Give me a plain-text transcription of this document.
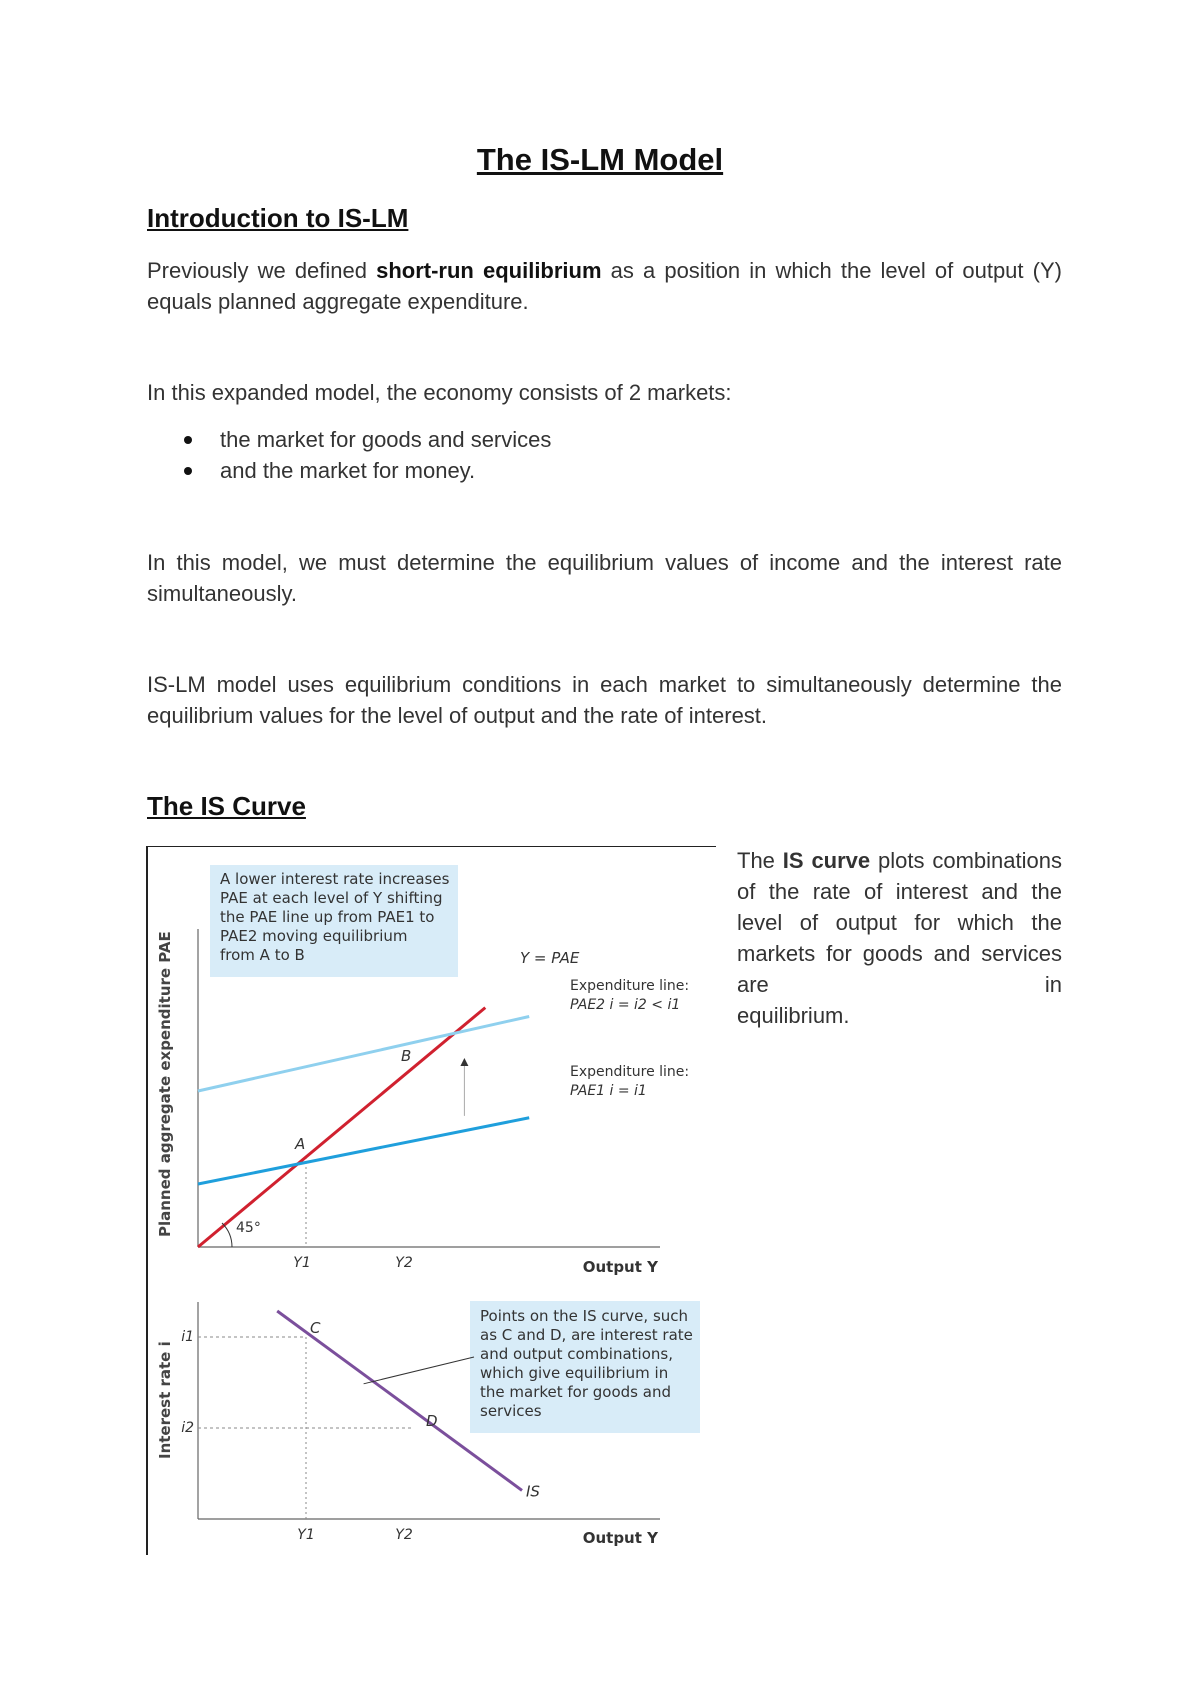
The IS-LM Model
Introduction to IS-LM
Previously we defined short-run equilibrium as a position in which the level of output (Y) equals planned aggregate expenditure.
In this expanded model, the economy consists of 2 markets:
the market for goods and services
and the market for money.
In this model, we must determine the equilibrium values of income and the interest rate simultaneously.
IS-LM model uses equilibrium conditions in each market to simultaneously determine the equilibrium values for the level of output and the rate of interest.
The IS Curve
The IS curve plots combinations of the rate of interest and the level of output for which the markets for goods and services are in
equilibrium.
A lower interest rate increases PAE at each level of Y shifting the PAE line up from PAE1 to PAE2 moving equilibrium from A to B
Planned aggregate expenditure PAE
Output Y
45°
A
B
Y = PAE
Expenditure line:
PAE2 i = i2 < i1
Expenditure line:
PAE1 i = i1
Y1	Y2
Points on the IS curve, such as C and D, are interest rate and output combinations, which give equilibrium in the market for goods and services
Interest rate i
Output Y
C
D
IS
i1
i2
Y1	Y2
